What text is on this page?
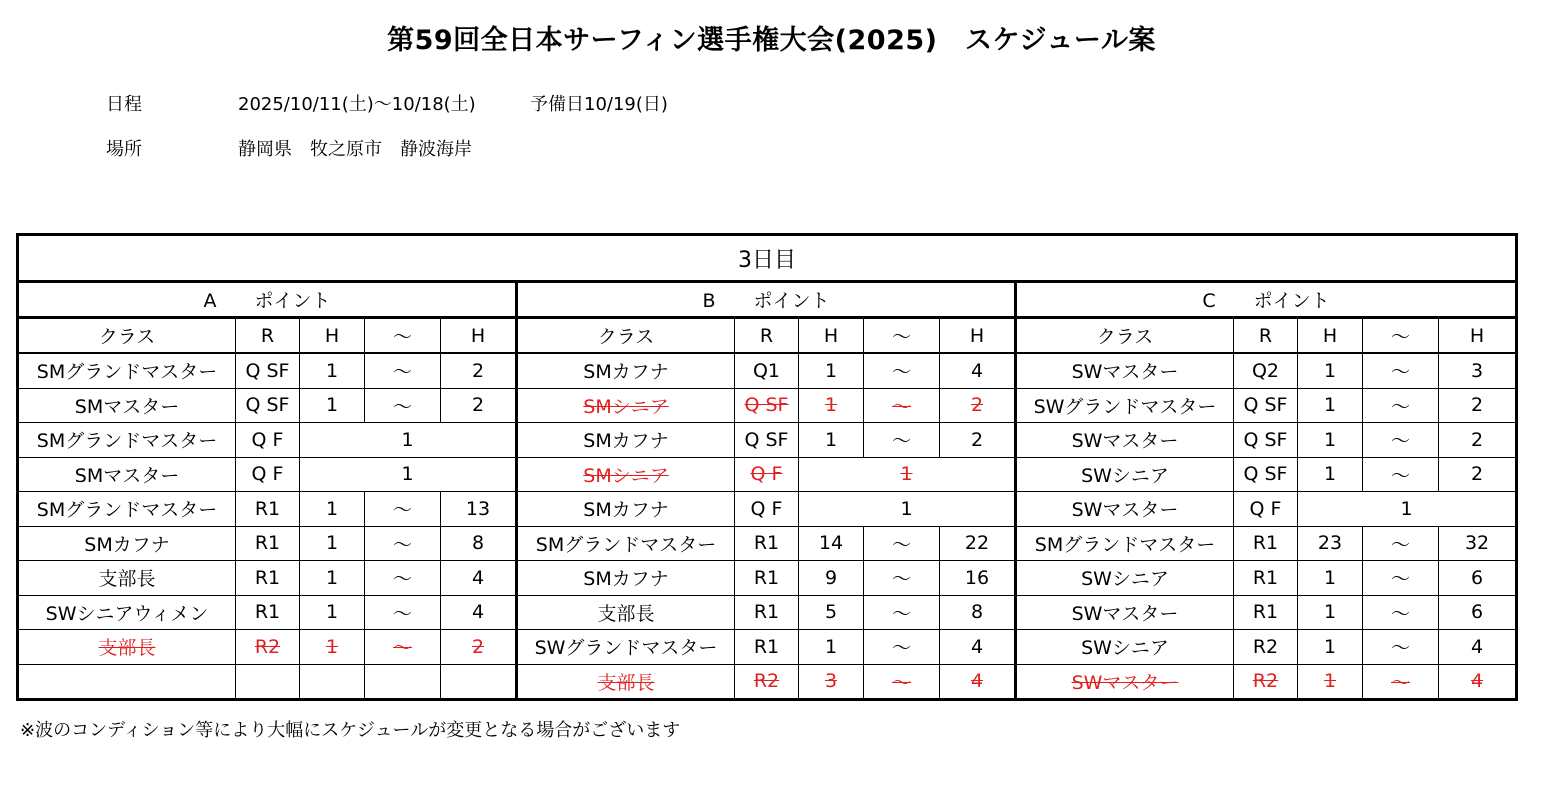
第59回全日本サーフィン選手権大会(2025)　スケジュール案
日程	2025/10/11(土)～10/18(土)	予備日10/19(日)
場所	静岡県　牧之原市　静波海岸
3日目														
A　　ポイント					B　　ポイント					C　　ポイント				
クラス	R	H	～	H	クラス	R	H	～	H	クラス	R	H	～	H
SMグランドマスター	Q SF	1	～	2	SMカフナ	Q1	1	～	4	SWマスター	Q2	1	～	3
SMマスター	Q SF	1	～	2	SMシニア	Q SF	1	～	2	SWグランドマスター	Q SF	1	～	2
SMグランドマスター	Q F	1			SMカフナ	Q SF	1	～	2	SWマスター	Q SF	1	～	2
SMマスター	Q F	1			SMシニア	Q F	1			SWシニア	Q SF	1	～	2
SMグランドマスター	R1	1	～	13	SMカフナ	Q F	1			SWマスター	Q F	1		
SMカフナ	R1	1	～	8	SMグランドマスター	R1	14	～	22	SMグランドマスター	R1	23	～	32
支部長	R1	1	～	4	SMカフナ	R1	9	～	16	SWシニア	R1	1	～	6
SWシニアウィメン	R1	1	～	4	支部長	R1	5	～	8	SWマスター	R1	1	～	6
支部長	R2	1	～	2	SWグランドマスター	R1	1	～	4	SWシニア	R2	1	～	4
					支部長	R2	3	～	4	SWマスター	R2	1	～	4
※波のコンディション等により大幅にスケジュールが変更となる場合がございます
